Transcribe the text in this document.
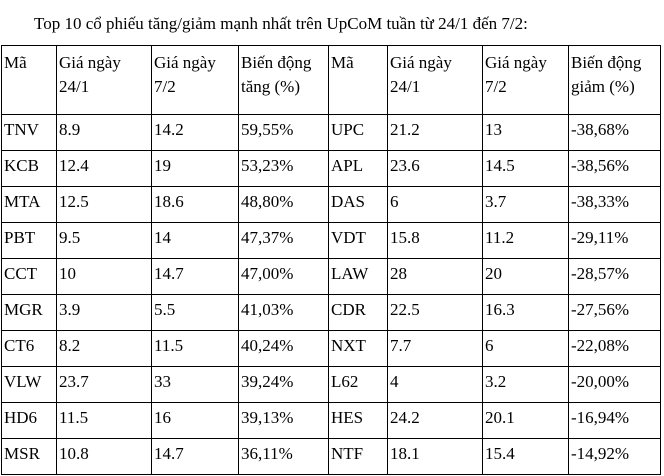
Top 10 cổ phiếu tăng/giảm mạnh nhất trên UpCoM tuần từ 24/1 đến 7/2:
Mã	Giá ngày 24/1	Giá ngày 7/2	Biến động tăng (%)	Mã	Giá ngày 24/1	Giá ngày 7/2	Biến động giảm (%)
TNV	8.9	14.2	59,55%	UPC	21.2	13	-38,68%
KCB	12.4	19	53,23%	APL	23.6	14.5	-38,56%
MTA	12.5	18.6	48,80%	DAS	6	3.7	-38,33%
PBT	9.5	14	47,37%	VDT	15.8	11.2	-29,11%
CCT	10	14.7	47,00%	LAW	28	20	-28,57%
MGR	3.9	5.5	41,03%	CDR	22.5	16.3	-27,56%
CT6	8.2	11.5	40,24%	NXT	7.7	6	-22,08%
VLW	23.7	33	39,24%	L62	4	3.2	-20,00%
HD6	11.5	16	39,13%	HES	24.2	20.1	-16,94%
MSR	10.8	14.7	36,11%	NTF	18.1	15.4	-14,92%
